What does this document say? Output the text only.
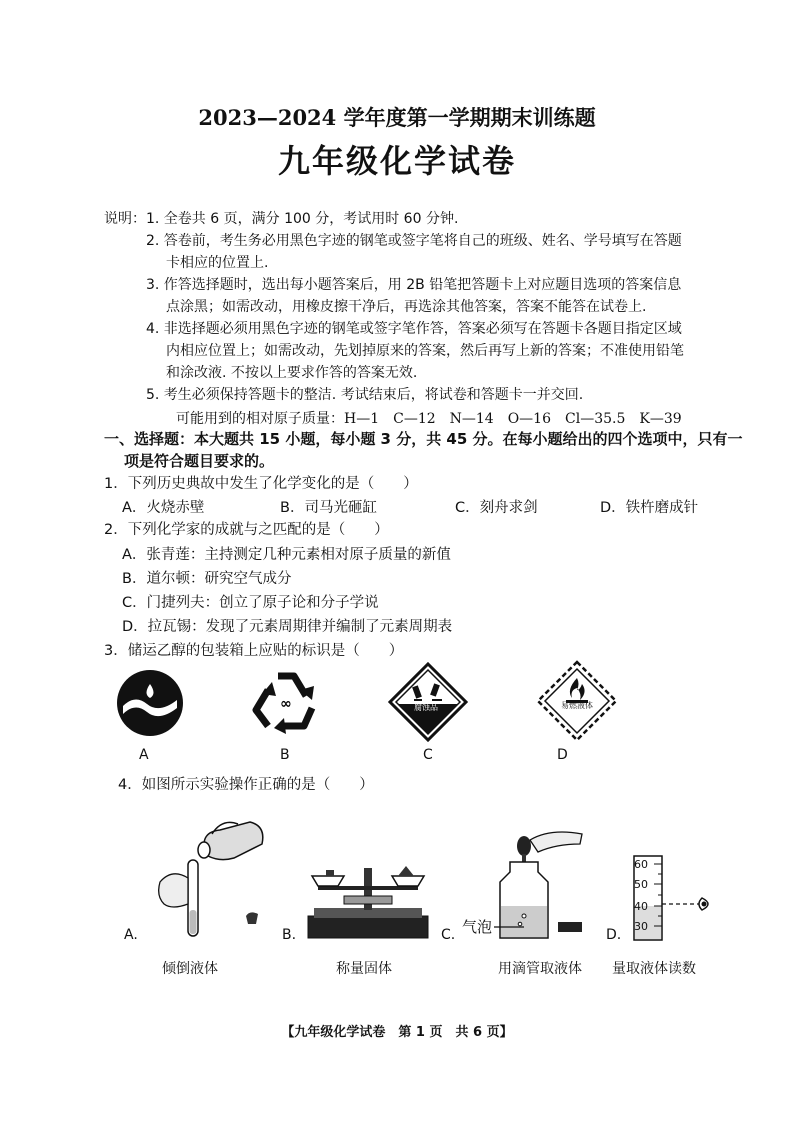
2023—2024 学年度第一学期期末训练题
九年级化学试卷
说明： 1. 全卷共 6 页，满分 100 分，考试用时 60 分钟.
2. 答卷前，考生务必用黑色字迹的钢笔或签字笔将自己的班级、姓名、学号填写在答题
卡相应的位置上.
3. 作答选择题时，选出每小题答案后，用 2B 铅笔把答题卡上对应题目选项的答案信息
点涂黑；如需改动，用橡皮擦干净后，再选涂其他答案，答案不能答在试卷上.
4. 非选择题必须用黑色字迹的钢笔或签字笔作答，答案必须写在答题卡各题目指定区域
内相应位置上；如需改动，先划掉原来的答案，然后再写上新的答案；不准使用铅笔
和涂改液. 不按以上要求作答的答案无效.
5. 考生必须保持答题卡的整洁. 考试结束后，将试卷和答题卡一并交回.
可能用到的相对原子质量：H—1　C—12　N—14　O—16　Cl—35.5　K—39
一、选择题：本大题共 15 小题，每小题 3 分，共 45 分。在每小题给出的四个选项中，只有一
项是符合题目要求的。
1．下列历史典故中发生了化学变化的是（　　）
A．火烧赤壁	B．司马光砸缸	C．刻舟求剑	D．铁杵磨成针
2．下列化学家的成就与之匹配的是（　　）
A．张青莲：主持测定几种元素相对原子质量的新值
B．道尔顿：研究空气成分
C．门捷列夫：创立了原子论和分子学说
D．拉瓦锡：发现了元素周期律并编制了元素周期表
3．储运乙醇的包装箱上应贴的标识是（　　）
A
∞
B
腐蚀品
C
易燃液体
D
4．如图所示实验操作正确的是（　　）
A.
倾倒液体
B.
称量固体
C. 气泡
用滴管取液体
60
50
40
30
D.
量取液体读数
【九年级化学试卷　第 1 页　共 6 页】
